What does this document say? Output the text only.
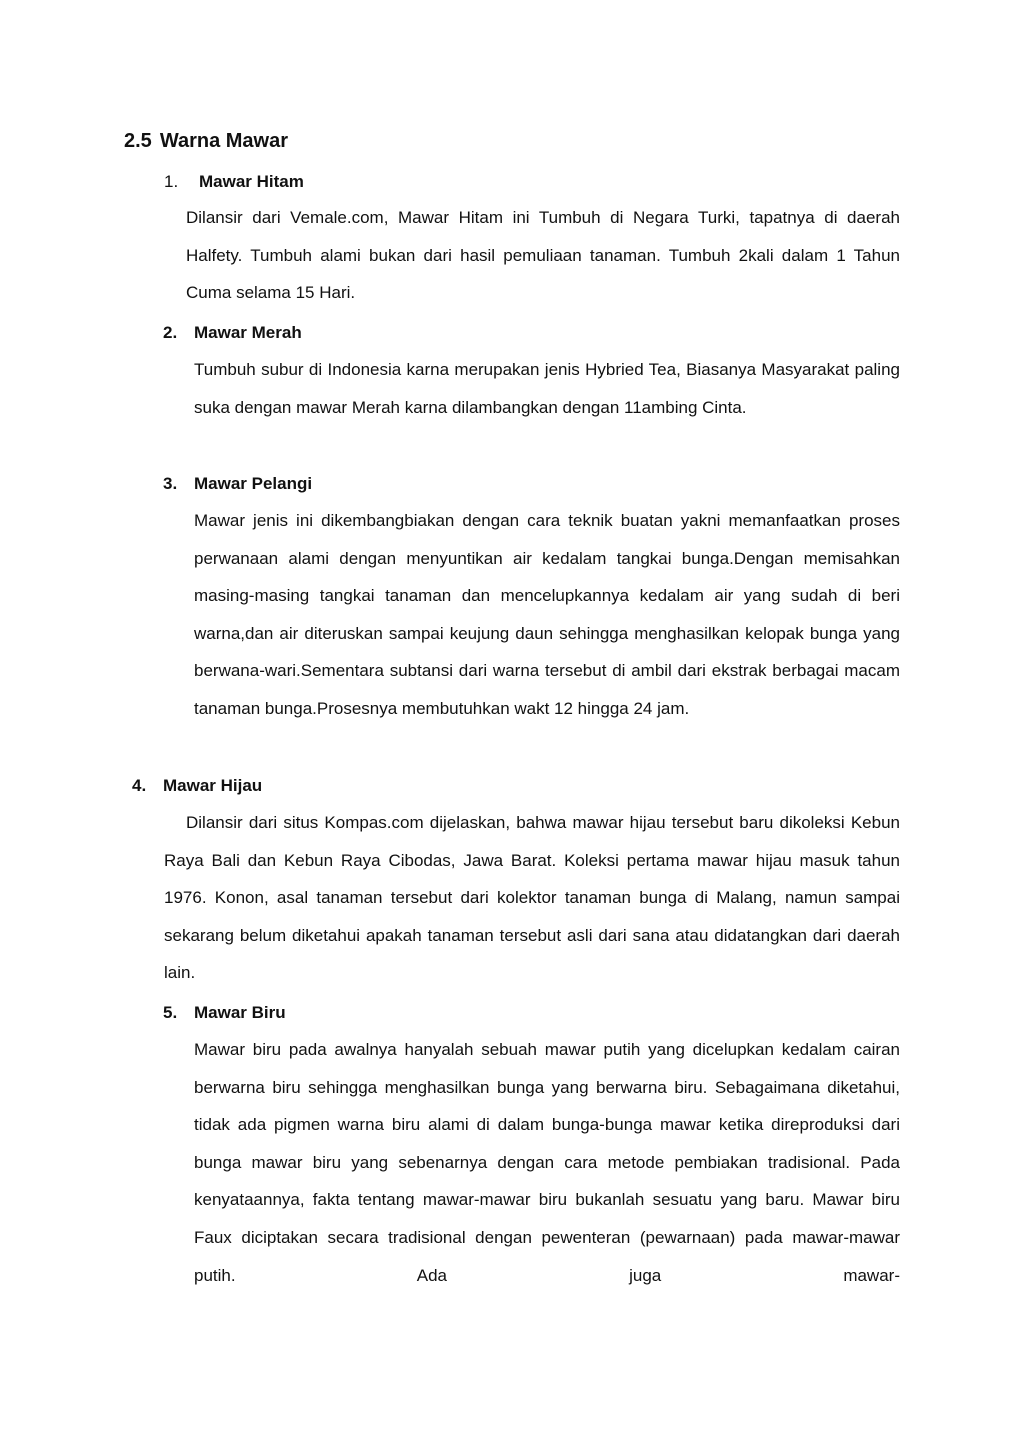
2.5 Warna Mawar
1. Mawar Hitam
Dilansir dari Vemale.com, Mawar Hitam ini Tumbuh di Negara Turki, tapatnya di daerah Halfety. Tumbuh alami bukan dari hasil pemuliaan tanaman. Tumbuh 2kali dalam 1 Tahun Cuma selama 15 Hari.
2. Mawar Merah
Tumbuh subur di Indonesia karna merupakan jenis Hybried Tea, Biasanya Masyarakat paling suka dengan mawar Merah karna dilambangkan dengan 11ambing Cinta.
3. Mawar Pelangi
Mawar jenis ini dikembangbiakan dengan cara teknik buatan yakni memanfaatkan proses perwanaan alami dengan menyuntikan air kedalam tangkai bunga.Dengan memisahkan masing-masing tangkai tanaman dan mencelupkannya kedalam air yang sudah di beri warna,dan air diteruskan sampai keujung daun sehingga menghasilkan kelopak bunga yang berwana-wari.Sementara subtansi dari warna tersebut di ambil dari ekstrak berbagai macam tanaman bunga.Prosesnya membutuhkan wakt 12 hingga 24 jam.
4. Mawar Hijau
Dilansir dari situs Kompas.com dijelaskan, bahwa mawar hijau tersebut baru dikoleksi Kebun Raya Bali dan Kebun Raya Cibodas, Jawa Barat. Koleksi pertama mawar hijau masuk tahun 1976. Konon, asal tanaman tersebut dari kolektor tanaman bunga di Malang, namun sampai sekarang belum diketahui apakah tanaman tersebut asli dari sana atau didatangkan dari daerah lain.
5. Mawar Biru
Mawar biru pada awalnya hanyalah sebuah mawar putih yang dicelupkan kedalam cairan berwarna biru sehingga menghasilkan bunga yang berwarna biru. Sebagaimana diketahui, tidak ada pigmen warna biru alami di dalam bunga-bunga mawar ketika direproduksi dari bunga mawar biru yang sebenarnya dengan cara metode pembiakan tradisional. Pada kenyataannya, fakta tentang mawar-mawar biru bukanlah sesuatu yang baru. Mawar biru Faux diciptakan secara tradisional dengan pewenteran (pewarnaan) pada mawar-mawar putih. Ada juga mawar-
